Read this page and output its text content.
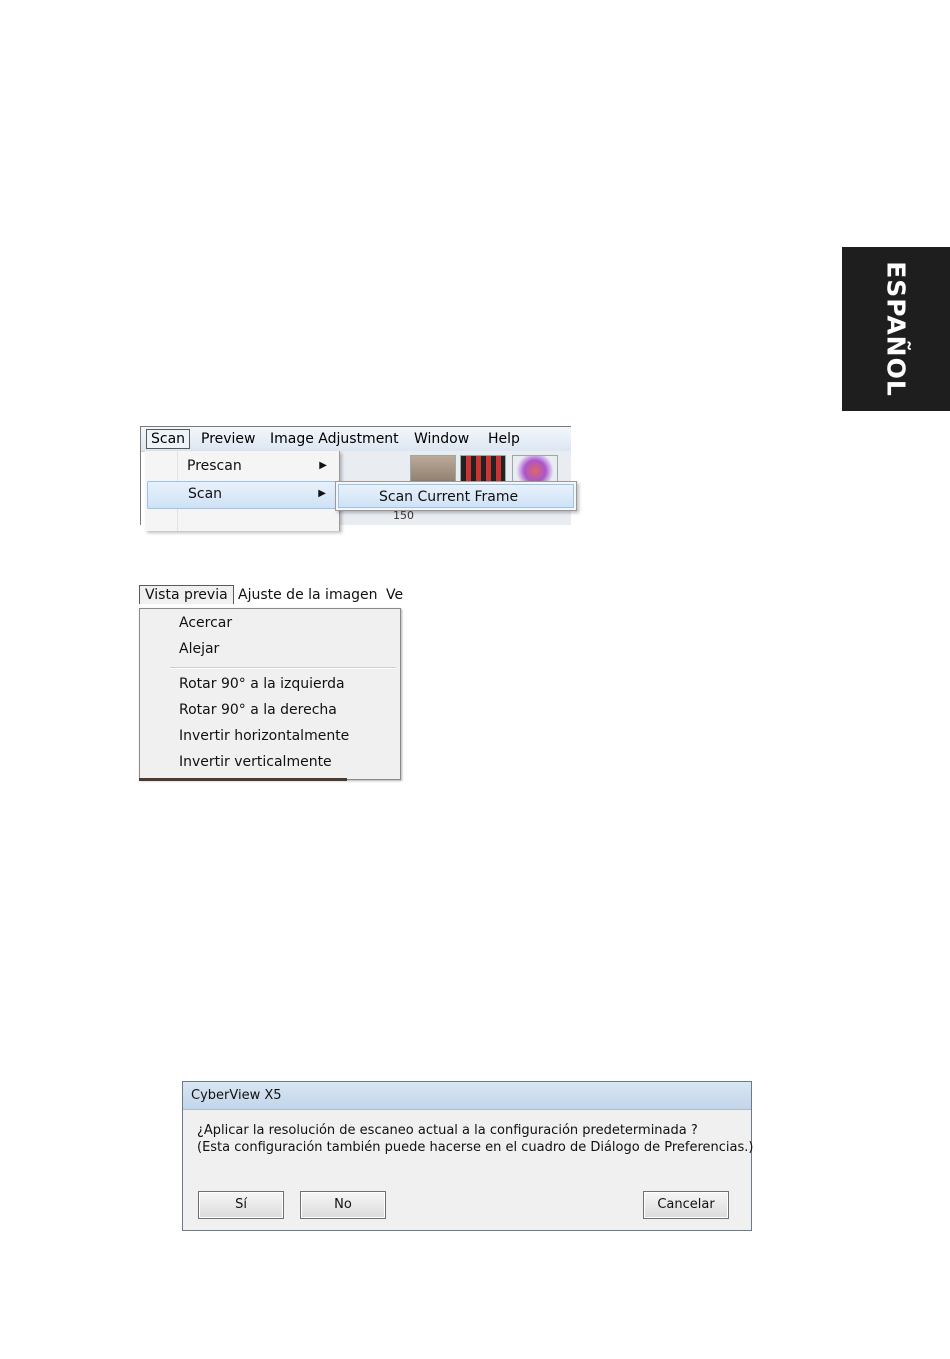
ESPAÑOL
Scan	Preview Image Adjustment Window Help
Prescan	▶
Scan	▶	Scan Current Frame
150
Vista previa Ajuste de la imagen Ve
Acercar
Alejar
Rotar 90° a la izquierda
Rotar 90° a la derecha
Invertir horizontalmente
Invertir verticalmente
CyberView X5
¿Aplicar la resolución de escaneo actual a la configuración predeterminada ?
(Esta configuración también puede hacerse en el cuadro de Diálogo de Preferencias.)
Sí	No	Cancelar
